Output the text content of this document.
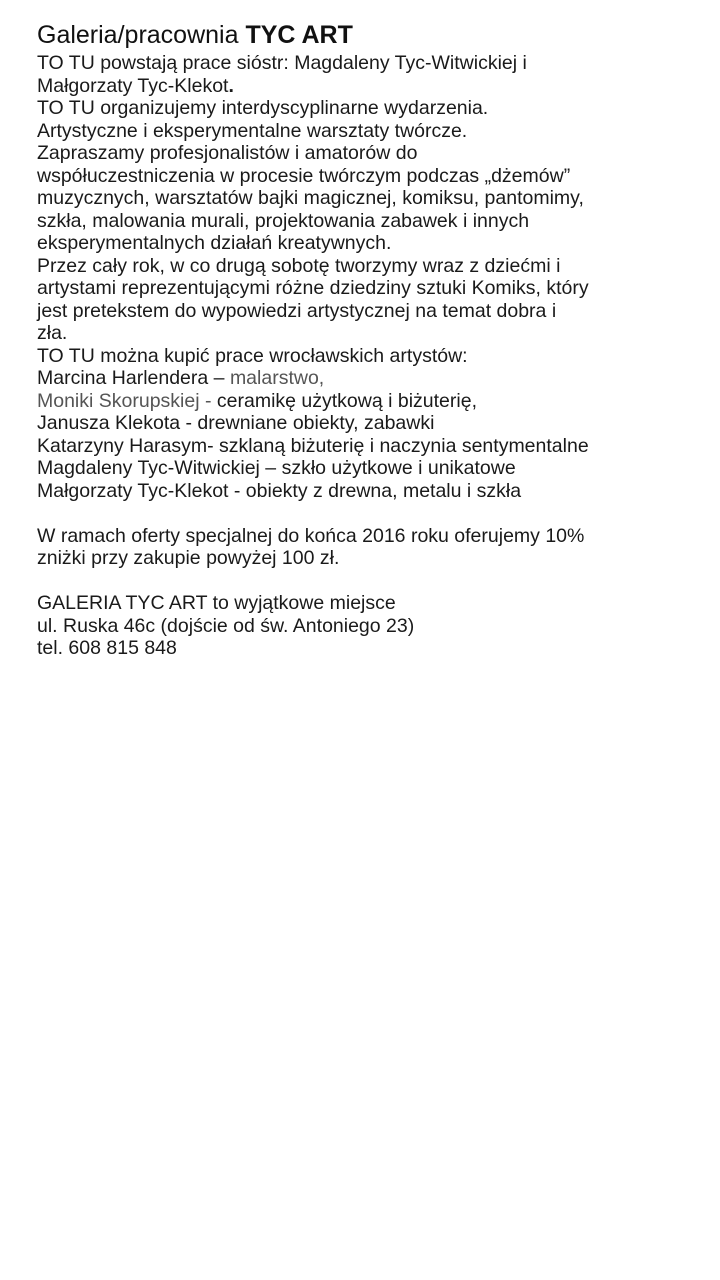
Galeria/pracownia TYC ART

TO TU powstają prace sióstr: Magdaleny Tyc-Witwickiej i

Małgorzaty Tyc-Klekot.

TO TU organizujemy interdyscyplinarne wydarzenia.

Artystyczne i eksperymentalne warsztaty twórcze.

Zapraszamy profesjonalistów i amatorów do

współuczestniczenia w procesie twórczym podczas „dżemów”

muzycznych, warsztatów bajki magicznej, komiksu, pantomimy,

szkła, malowania murali, projektowania zabawek i innych

eksperymentalnych działań kreatywnych.

Przez cały rok, w co drugą sobotę tworzymy wraz z dziećmi i

artystami reprezentującymi różne dziedziny sztuki Komiks, który

jest pretekstem do wypowiedzi artystycznej na temat dobra i

zła.

TO TU można kupić prace wrocławskich artystów:

Marcina Harlendera – malarstwo,

Moniki Skorupskiej - ceramikę użytkową i biżuterię,

Janusza Klekota - drewniane obiekty, zabawki

Katarzyny Harasym- szklaną biżuterię i naczynia sentymentalne

Magdaleny Tyc-Witwickiej – szkło użytkowe i unikatowe

Małgorzaty Tyc-Klekot - obiekty z drewna, metalu i szkła

W ramach oferty specjalnej do końca 2016 roku oferujemy 10%

zniżki przy zakupie powyżej 100 zł.

GALERIA TYC ART to wyjątkowe miejsce

ul. Ruska 46c (dojście od św. Antoniego 23)

tel. 608 815 848
